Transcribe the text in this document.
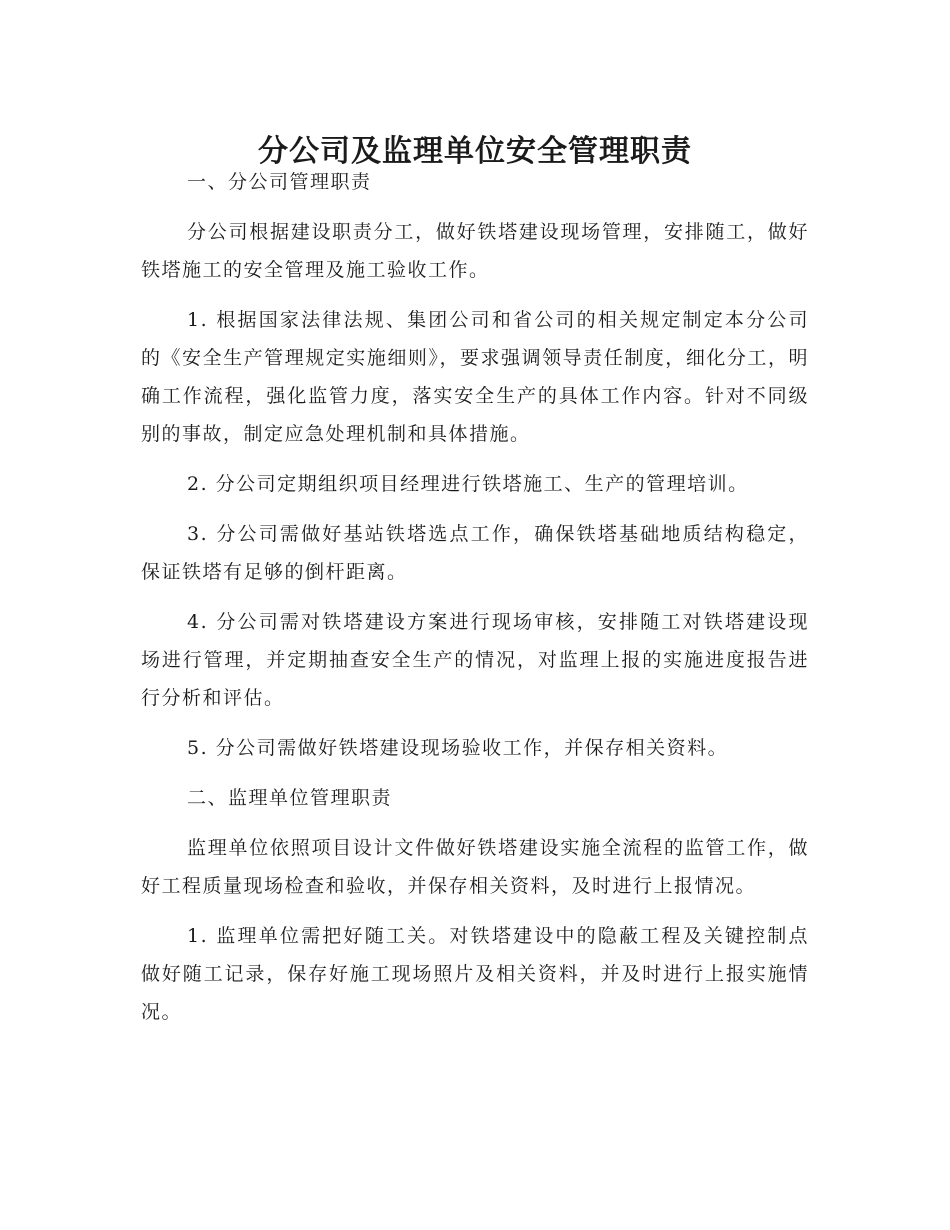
分公司及监理单位安全管理职责

一、分公司管理职责

分公司根据建设职责分工，做好铁塔建设现场管理，安排随工，做好铁塔施工的安全管理及施工验收工作。

1. 根据国家法律法规、集团公司和省公司的相关规定制定本分公司的《安全生产管理规定实施细则》，要求强调领导责任制度，细化分工，明确工作流程，强化监管力度，落实安全生产的具体工作内容。针对不同级别的事故，制定应急处理机制和具体措施。

2. 分公司定期组织项目经理进行铁塔施工、生产的管理培训。

3. 分公司需做好基站铁塔选点工作，确保铁塔基础地质结构稳定，保证铁塔有足够的倒杆距离。

4. 分公司需对铁塔建设方案进行现场审核，安排随工对铁塔建设现场进行管理，并定期抽查安全生产的情况，对监理上报的实施进度报告进行分析和评估。

5. 分公司需做好铁塔建设现场验收工作，并保存相关资料。

二、监理单位管理职责

监理单位依照项目设计文件做好铁塔建设实施全流程的监管工作，做好工程质量现场检查和验收，并保存相关资料，及时进行上报情况。

1. 监理单位需把好随工关。对铁塔建设中的隐蔽工程及关键控制点做好随工记录，保存好施工现场照片及相关资料，并及时进行上报实施情况。
